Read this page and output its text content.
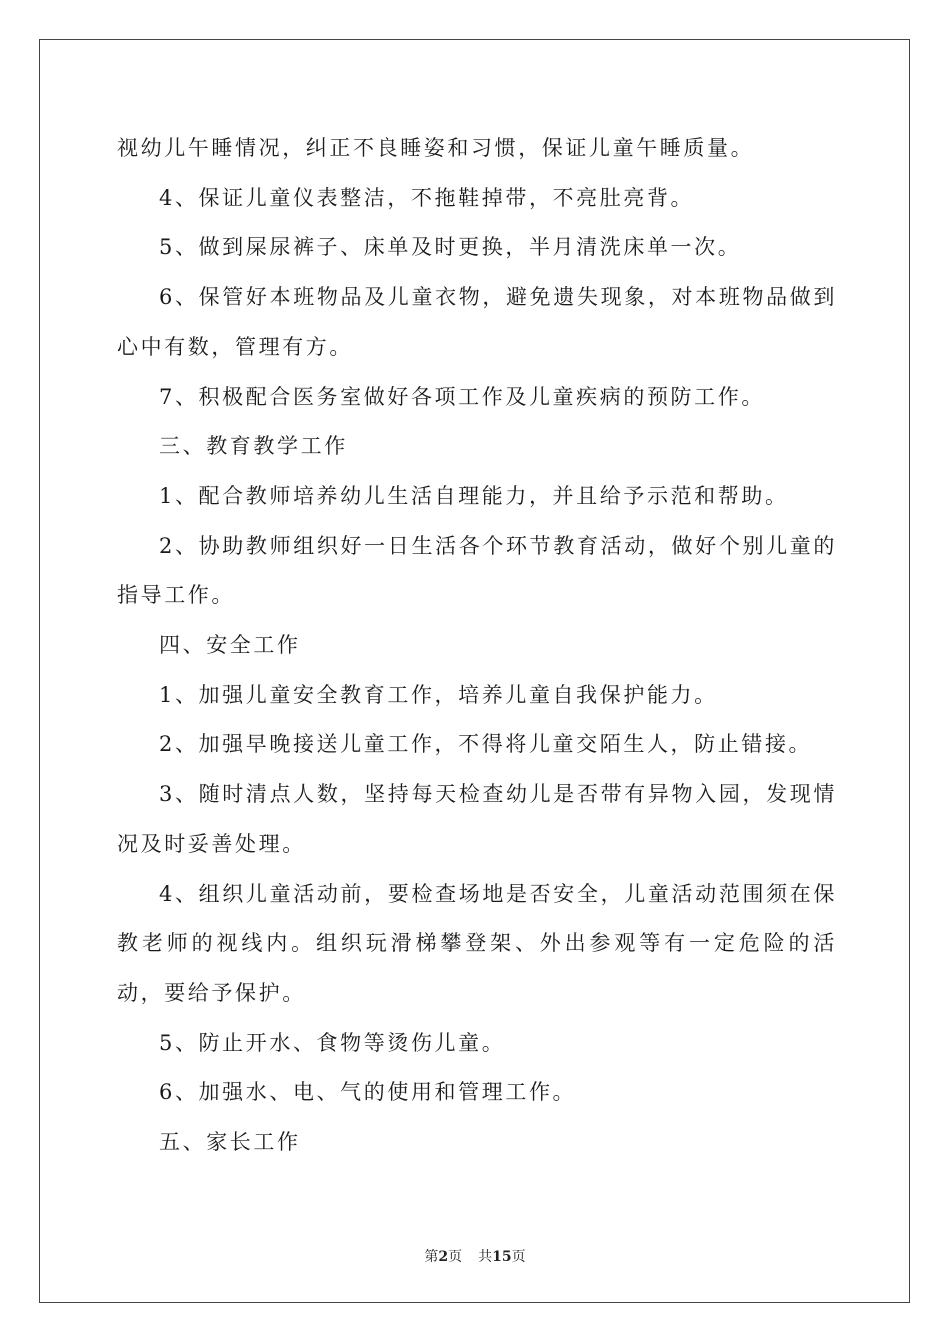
视幼儿午睡情况，纠正不良睡姿和习惯，保证儿童午睡质量。

4、保证儿童仪表整洁，不拖鞋掉带，不亮肚亮背。

5、做到屎尿裤子、床单及时更换，半月清洗床单一次。

6、保管好本班物品及儿童衣物，避免遗失现象，对本班物品做到心中有数，管理有方。

7、积极配合医务室做好各项工作及儿童疾病的预防工作。

三、教育教学工作

1、配合教师培养幼儿生活自理能力，并且给予示范和帮助。

2、协助教师组织好一日生活各个环节教育活动，做好个别儿童的指导工作。

四、安全工作

1、加强儿童安全教育工作，培养儿童自我保护能力。

2、加强早晚接送儿童工作，不得将儿童交陌生人，防止错接。

3、随时清点人数，坚持每天检查幼儿是否带有异物入园，发现情况及时妥善处理。

4、组织儿童活动前，要检查场地是否安全，儿童活动范围须在保教老师的视线内。组织玩滑梯攀登架、外出参观等有一定危险的活动，要给予保护。

5、防止开水、食物等烫伤儿童。

6、加强水、电、气的使用和管理工作。

五、家长工作

第2页 共15页
